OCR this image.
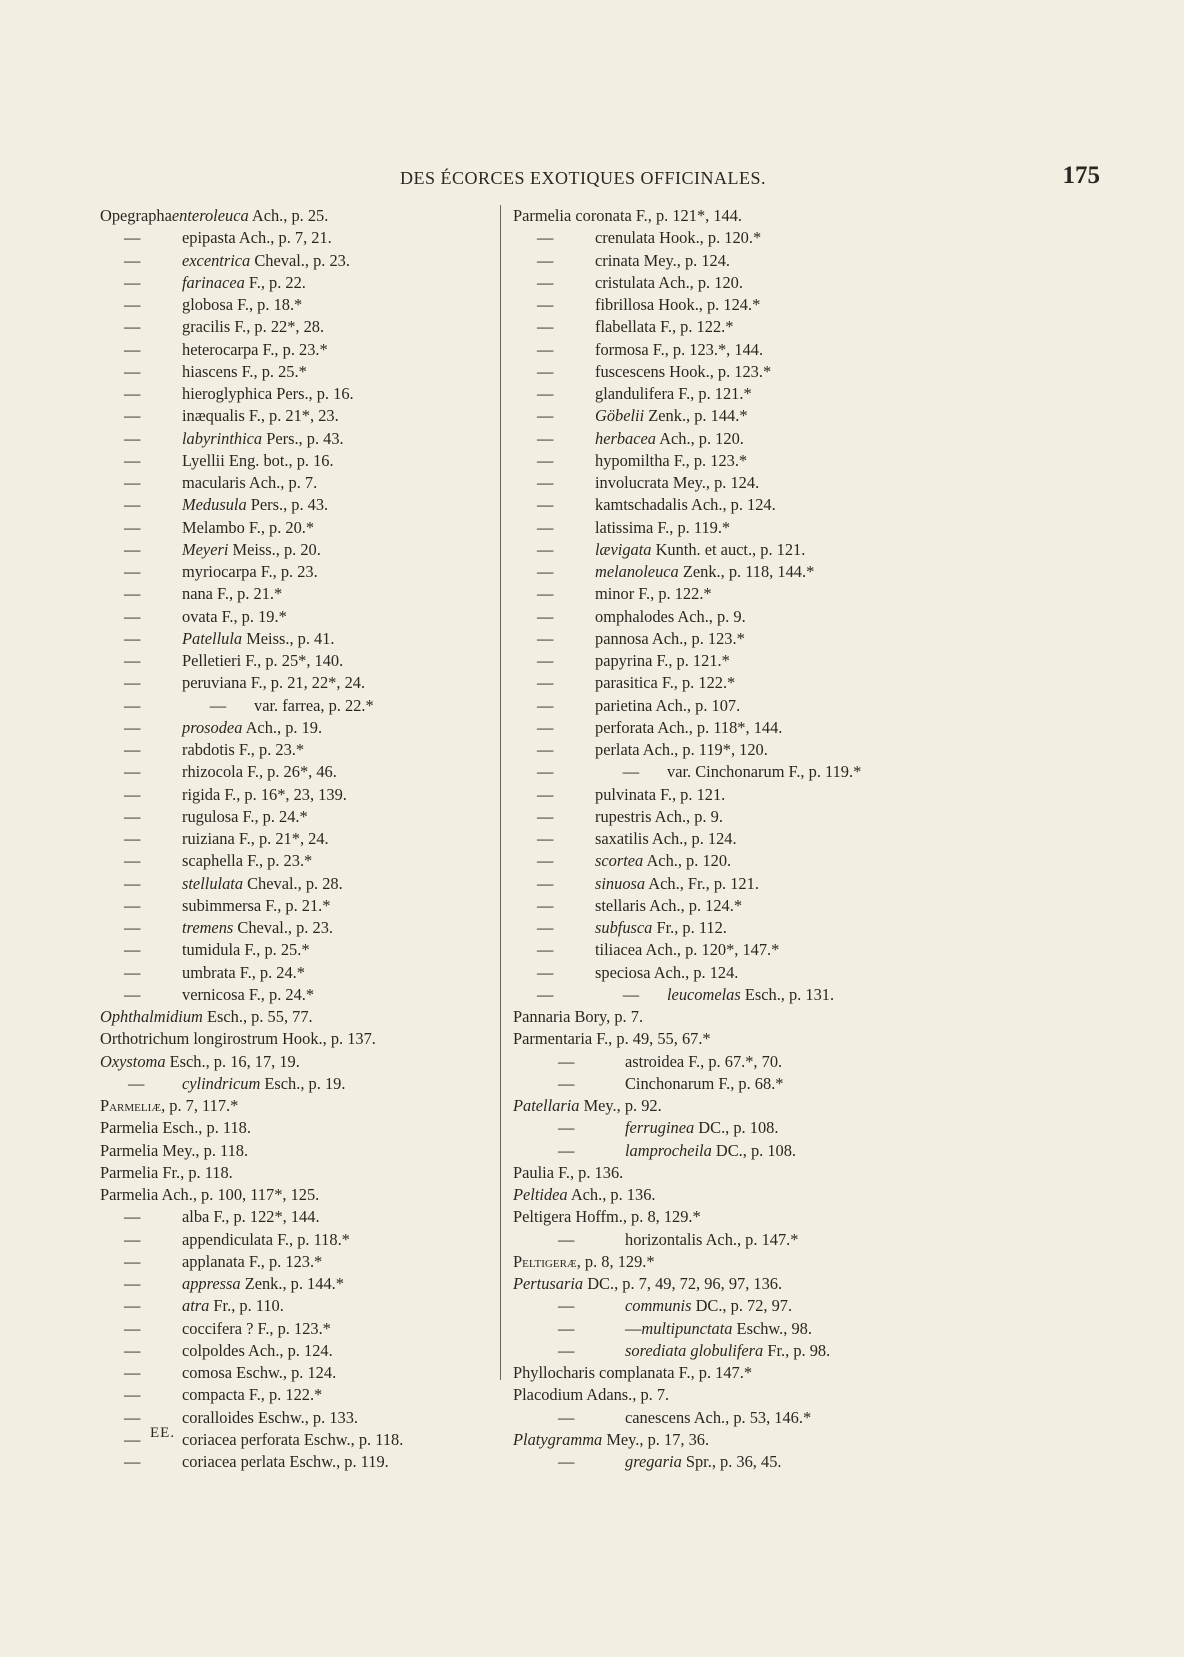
DES ÉCORCES EXOTIQUES OFFICINALES.	175
Opegraphaenteroleuca Ach., p. 25.
— epipasta Ach., p. 7, 21.
— excentrica Cheval., p. 23.
— farinacea F., p. 22.
— globosa F., p. 18.*
— gracilis F., p. 22*, 28.
— heterocarpa F., p. 23.*
— hiascens F., p. 25.*
— hieroglyphica Pers., p. 16.
— inæqualis F., p. 21*, 23.
— labyrinthica Pers., p. 43.
— Lyellii Eng. bot., p. 16.
— macularis Ach., p. 7.
— Medusula Pers., p. 43.
— Melambo F., p. 20.*
— Meyeri Meiss., p. 20.
— myriocarpa F., p. 23.
— nana F., p. 21.*
— ovata F., p. 19.*
— Patellula Meiss., p. 41.
— Pelletieri F., p. 25*, 140.
— peruviana F., p. 21, 22*, 24.
— — var. farrea, p. 22.*
— prosodea Ach., p. 19.
— rabdotis F., p. 23.*
— rhizocola F., p. 26*, 46.
— rigida F., p. 16*, 23, 139.
— rugulosa F., p. 24.*
— ruiziana F., p. 21*, 24.
— scaphella F., p. 23.*
— stellulata Cheval., p. 28.
— subimmersa F., p. 21.*
— tremens Cheval., p. 23.
— tumidula F., p. 25.*
— umbrata F., p. 24.*
— vernicosa F., p. 24.*
Ophthalmidium Esch., p. 55, 77.
Orthotrichum longirostrum Hook., p. 137.
Oxystoma Esch., p. 16, 17, 19.
— cylindricum Esch., p. 19.
Parmeliæ, p. 7, 117.*
Parmelia Esch., p. 118.
Parmelia Mey., p. 118.
Parmelia Fr., p. 118.
Parmelia Ach., p. 100, 117*, 125.
— alba F., p. 122*, 144.
— appendiculata F., p. 118.*
— applanata F., p. 123.*
— appressa Zenk., p. 144.*
— atra Fr., p. 110.
— coccifera ? F., p. 123.*
— colpoldes Ach., p. 124.
— comosa Eschw., p. 124.
— compacta F., p. 122.*
— coralloides Eschw., p. 133.
— coriacea perforata Eschw., p. 118.
— coriacea perlata Eschw., p. 119.
Parmelia coronata F., p. 121*, 144.
— crenulata Hook., p. 120.*
— crinata Mey., p. 124.
— cristulata Ach., p. 120.
— fibrillosa Hook., p. 124.*
— flabellata F., p. 122.*
— formosa F., p. 123.*, 144.
— fuscescens Hook., p. 123.*
— glandulifera F., p. 121.*
— Göbelii Zenk., p. 144.*
— herbacea Ach., p. 120.
— hypomiltha F., p. 123.*
— involucrata Mey., p. 124.
— kamtschadalis Ach., p. 124.
— latissima F., p. 119.*
— lævigata Kunth. et auct., p. 121.
— melanoleuca Zenk., p. 118, 144.*
— minor F., p. 122.*
— omphalodes Ach., p. 9.
— pannosa Ach., p. 123.*
— papyrina F., p. 121.*
— parasitica F., p. 122.*
— parietina Ach., p. 107.
— perforata Ach., p. 118*, 144.
— perlata Ach., p. 119*, 120.
— — var. Cinchonarum F., p. 119.*
— pulvinata F., p. 121.
— rupestris Ach., p. 9.
— saxatilis Ach., p. 124.
— scortea Ach., p. 120.
— sinuosa Ach., Fr., p. 121.
— stellaris Ach., p. 124.*
— subfusca Fr., p. 112.
— tiliacea Ach., p. 120*, 147.*
— speciosa Ach., p. 124.
— — leucomelas Esch., p. 131.
Pannaria Bory, p. 7.
Parmentaria F., p. 49, 55, 67.*
— astroidea F., p. 67.*, 70.
— Cinchonarum F., p. 68.*
Patellaria Mey., p. 92.
— ferruginea DC., p. 108.
— lamprocheila DC., p. 108.
Paulia F., p. 136.
Peltidea Ach., p. 136.
Peltigera Hoffm., p. 8, 129.*
— horizontalis Ach., p. 147.*
Peltigeræ, p. 8, 129.*
Pertusaria DC., p. 7, 49, 72, 96, 97, 136.
— communis DC., p. 72, 97.
— —multipunctata Eschw., 98.
— sorediata globulifera Fr., p. 98.
Phyllocharis complanata F., p. 147.*
Placodium Adans., p. 7.
— canescens Ach., p. 53, 146.*
Platygramma Mey., p. 17, 36.
— gregaria Spr., p. 36, 45.
EE.
